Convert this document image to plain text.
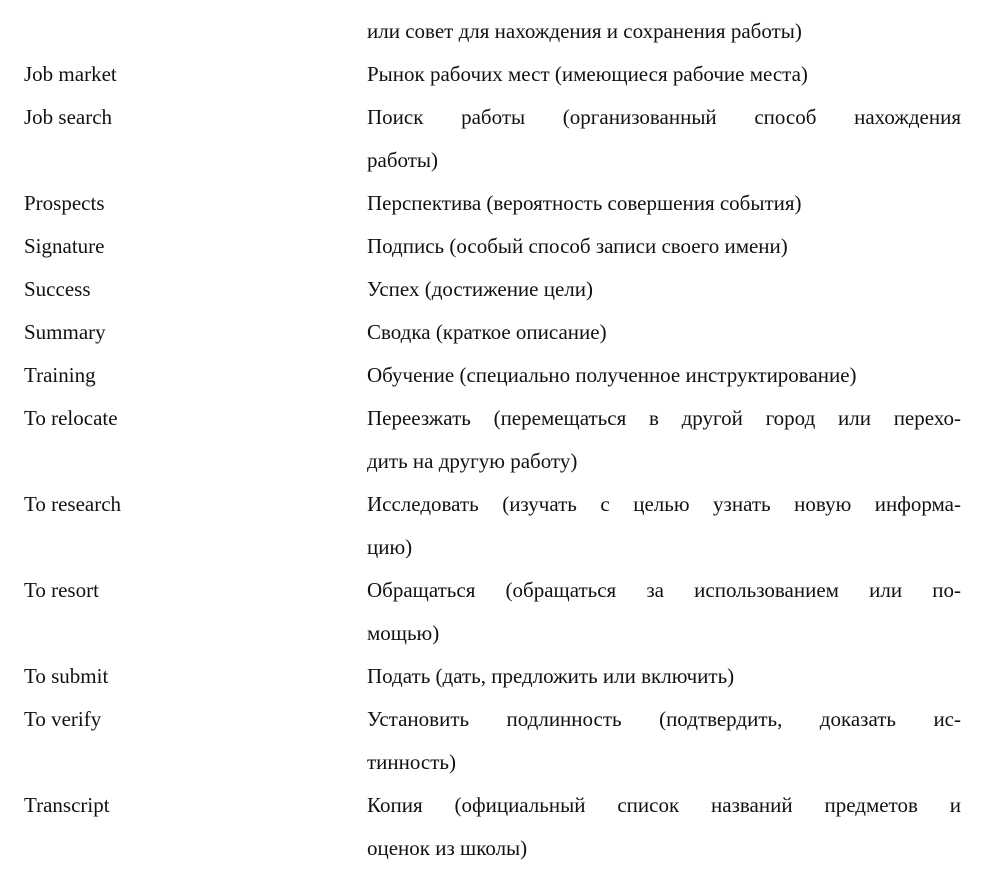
или совет для нахождения и сохранения работы)
Job market	Рынок рабочих мест (имеющиеся рабочие места)
Job search	Поиск работы (организованный способ нахождения
работы)
Prospects	Перспектива (вероятность совершения события)
Signature	Подпись (особый способ записи своего имени)
Success	Успех (достижение цели)
Summary	Сводка (краткое описание)
Training	Обучение (специально полученное инструктирование)
To relocate	Переезжать (перемещаться в другой город или перехо-
дить на другую работу)
To research	Исследовать (изучать с целью узнать новую информа-
цию)
To resort	Обращаться (обращаться за использованием или по-
мощью)
To submit	Подать (дать, предложить или включить)
To verify	Установить подлинность (подтвердить, доказать ис-
тинность)
Transcript	Копия (официальный список названий предметов и
оценок из школы)
